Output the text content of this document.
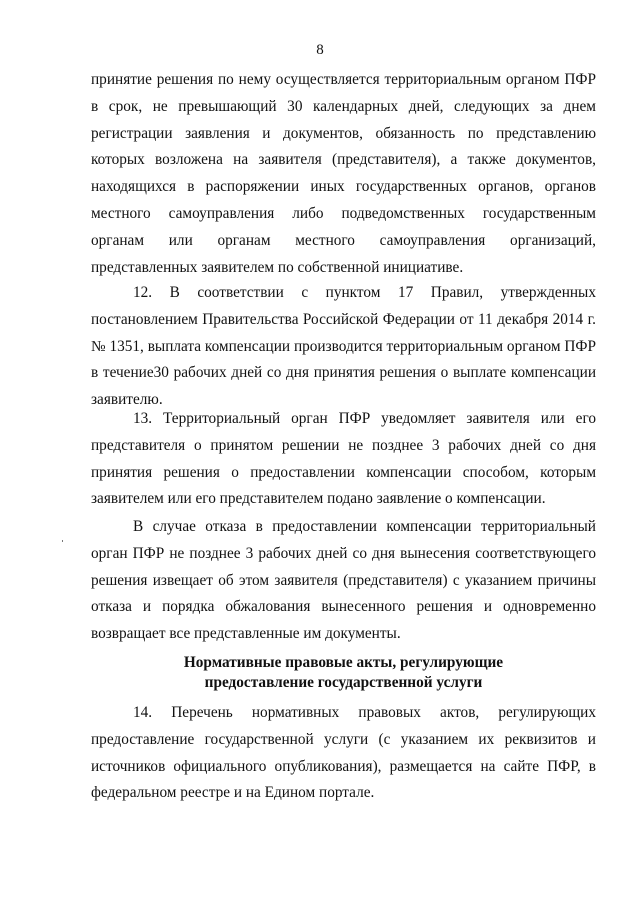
8

принятие решения по нему осуществляется территориальным органом ПФР в срок, не превышающий 30 календарных дней, следующих за днем регистрации заявления и документов, обязанность по представлению которых возложена на заявителя (представителя), а также документов, находящихся в распоряжении иных государственных органов, органов местного самоуправления либо подведомственных государственным органам или органам местного самоуправления организаций, представленных заявителем по собственной инициативе.

12. В соответствии с пунктом 17 Правил, утвержденных постановлением Правительства Российской Федерации от 11 декабря 2014 г. № 1351, выплата компенсации производится территориальным органом ПФР в течение30 рабочих дней со дня принятия решения о выплате компенсации заявителю.

13. Территориальный орган ПФР уведомляет заявителя или его представителя о принятом решении не позднее 3 рабочих дней со дня принятия решения о предоставлении компенсации способом, которым заявителем или его представителем подано заявление о компенсации.

В случае отказа в предоставлении компенсации территориальный орган ПФР не позднее 3 рабочих дней со дня вынесения соответствующего решения извещает об этом заявителя (представителя) с указанием причины отказа и порядка обжалования вынесенного решения и одновременно возвращает все представленные им документы.

Нормативные правовые акты, регулирующие
предоставление государственной услуги

14. Перечень нормативных правовых актов, регулирующих предоставление государственной услуги (с указанием их реквизитов и источников официального опубликования), размещается на сайте ПФР, в федеральном реестре и на Едином портале.
